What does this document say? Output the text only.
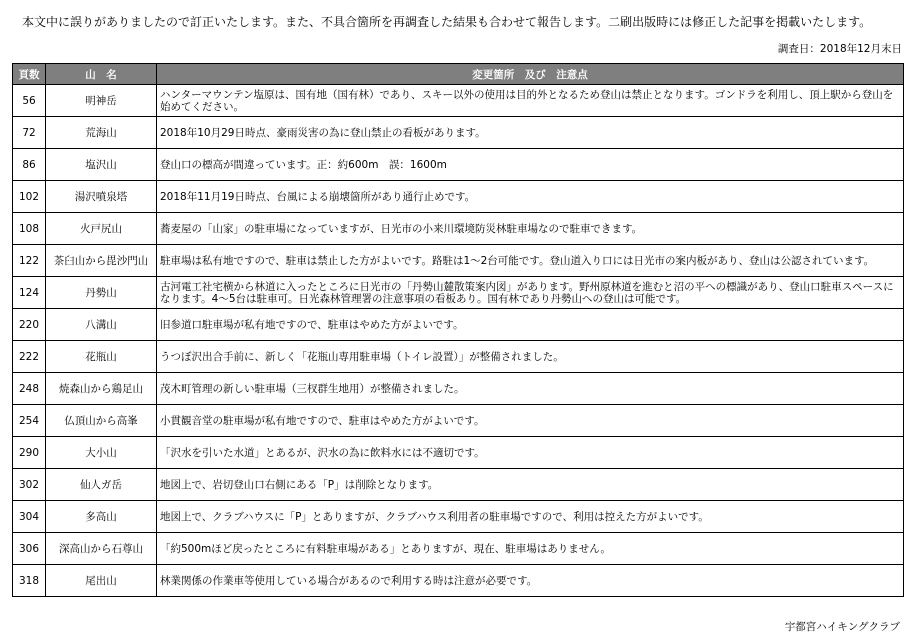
本文中に誤りがありましたので訂正いたします。また、不具合箇所を再調査した結果も合わせて報告します。二刷出版時には修正した記事を掲載いたします。
調査日：2018年12月末日
頁数	山　名	変更箇所　及び　注意点
56	明神岳	ハンターマウンテン塩原は、国有地（国有林）であり、スキー以外の使用は目的外となるため登山は禁止となります。ゴンドラを利用し、頂上駅から登山を始めてください。
72	荒海山	2018年10月29日時点、豪雨災害の為に登山禁止の看板があります。
86	塩沢山	登山口の標高が間違っています。正：約600m　誤：1600m
102	湯沢噴泉塔	2018年11月19日時点、台風による崩壊箇所があり通行止めです。
108	火戸尻山	蕎麦屋の「山家」の駐車場になっていますが、日光市の小来川環境防災林駐車場なので駐車できます。
122	茶臼山から毘沙門山	駐車場は私有地ですので、駐車は禁止した方がよいです。路駐は1～2台可能です。登山道入り口には日光市の案内板があり、登山は公認されています。
124	丹勢山	古河電工社宅横から林道に入ったところに日光市の「丹勢山麓散策案内図」があります。野州原林道を進むと沼の平への標識があり、登山口駐車スペースになります。4～5台は駐車可。日光森林管理署の注意事項の看板あり。国有林であり丹勢山への登山は可能です。
220	八溝山	旧参道口駐車場が私有地ですので、駐車はやめた方がよいです。
222	花瓶山	うつぼ沢出合手前に、新しく「花瓶山専用駐車場（トイレ設置）」が整備されました。
248	焼森山から鶏足山	茂木町管理の新しい駐車場（三杈群生地用）が整備されました。
254	仏頂山から高峯	小貫観音堂の駐車場が私有地ですので、駐車はやめた方がよいです。
290	大小山	「沢水を引いた水道」とあるが、沢水の為に飲料水には不適切です。
302	仙人ガ岳	地図上で、岩切登山口右側にある「P」は削除となります。
304	多高山	地図上で、クラブハウスに「P」とありますが、クラブハウス利用者の駐車場ですので、利用は控えた方がよいです。
306	深高山から石尊山	「約500mほど戻ったところに有料駐車場がある」とありますが、現在、駐車場はありません。
318	尾出山	林業関係の作業車等使用している場合があるので利用する時は注意が必要です。
宇都宮ハイキングクラブ
